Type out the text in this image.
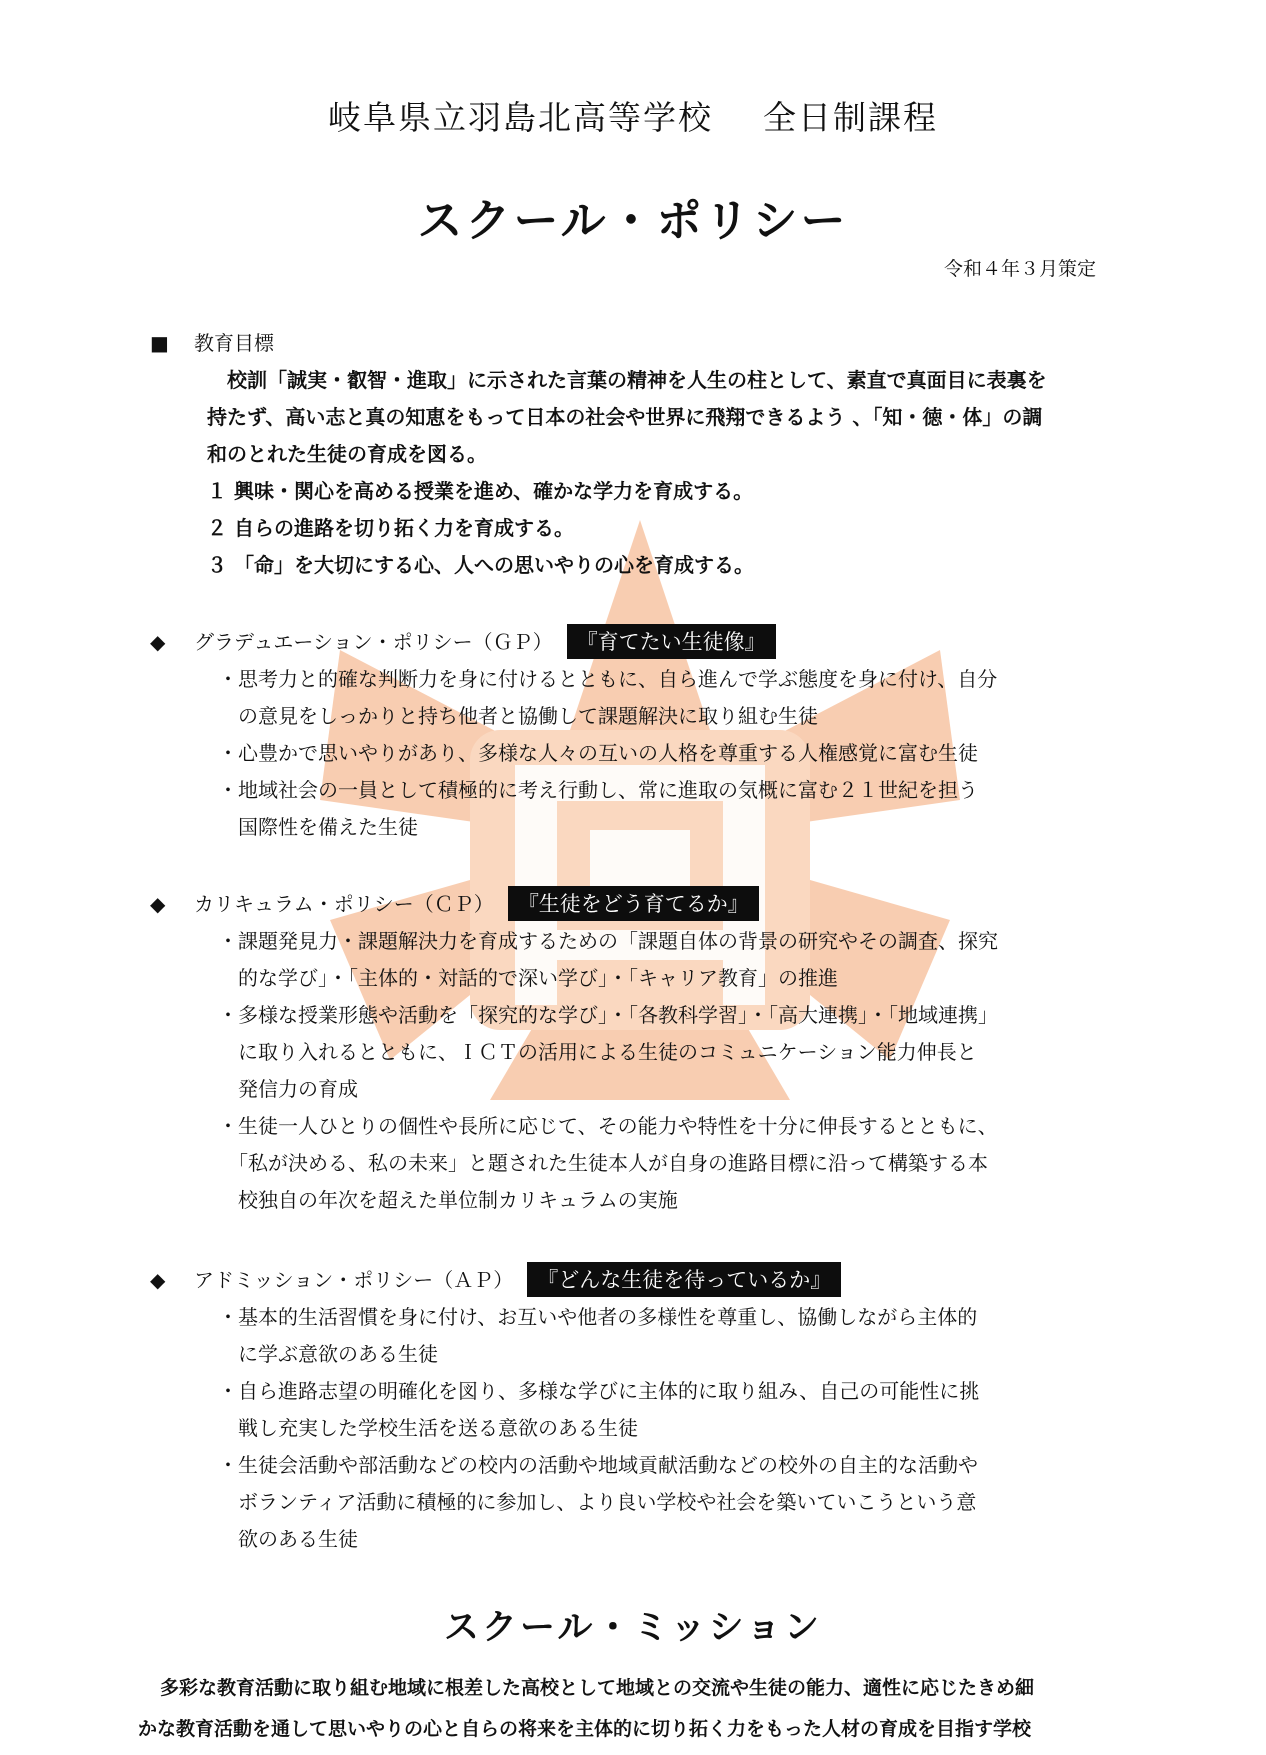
岐阜県立羽島北高等学校 全日制課程
スクール・ポリシー
令和４年３月策定
■ 教育目標
　校訓「誠実・叡智・進取」に示された言葉の精神を人生の柱として、素直で真面目に表裏を
持たず、高い志と真の知恵をもって日本の社会や世界に飛翔できるよう 、「知・徳・体」の調
和のとれた生徒の育成を図る。
１ 興味・関心を高める授業を進め、確かな学力を育成する。
２ 自らの進路を切り拓く力を育成する。
３ 「命」を大切にする心、人への思いやりの心を育成する。
◆ グラデュエーション・ポリシー（ＧＰ） 『育てたい生徒像』
・思考力と的確な判断力を身に付けるとともに、自ら進んで学ぶ態度を身に付け、自分
　の意見をしっかりと持ち他者と協働して課題解決に取り組む生徒
・心豊かで思いやりがあり、多様な人々の互いの人格を尊重する人権感覚に富む生徒
・地域社会の一員として積極的に考え行動し、常に進取の気概に富む２１世紀を担う
　国際性を備えた生徒
◆ カリキュラム・ポリシー（ＣＰ） 『生徒をどう育てるか』
・課題発見力・課題解決力を育成するための「課題自体の背景の研究やその調査、探究
　的な学び」・「主体的・対話的で深い学び」・「キャリア教育」の推進
・多様な授業形態や活動を「探究的な学び」・「各教科学習」・「高大連携」・「地域連携」
　に取り入れるとともに、ＩＣＴの活用による生徒のコミュニケーション能力伸長と
　発信力の育成
・生徒一人ひとりの個性や長所に応じて、その能力や特性を十分に伸長するとともに、
　「私が決める、私の未来」と題された生徒本人が自身の進路目標に沿って構築する本
　校独自の年次を超えた単位制カリキュラムの実施
◆ アドミッション・ポリシー（ＡＰ） 『どんな生徒を待っているか』
・基本的生活習慣を身に付け、お互いや他者の多様性を尊重し、協働しながら主体的
　に学ぶ意欲のある生徒
・自ら進路志望の明確化を図り、多様な学びに主体的に取り組み、自己の可能性に挑
　戦し充実した学校生活を送る意欲のある生徒
・生徒会活動や部活動などの校内の活動や地域貢献活動などの校外の自主的な活動や
　ボランティア活動に積極的に参加し、より良い学校や社会を築いていこうという意
　欲のある生徒
スクール・ミッション
多彩な教育活動に取り組む地域に根差した高校として地域との交流や生徒の能力、適性に応じたきめ細
かな教育活動を通して思いやりの心と自らの将来を主体的に切り拓く力をもった人材の育成を目指す学校
